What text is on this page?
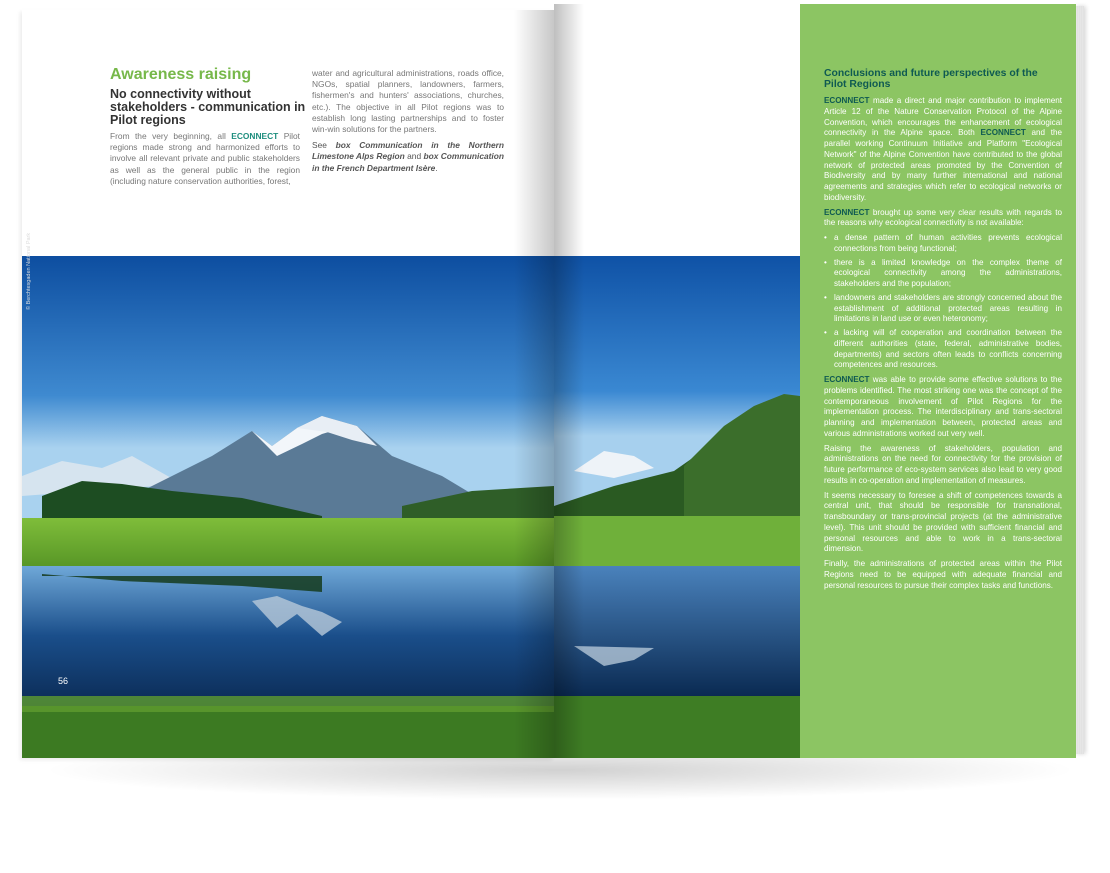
Awareness raising
No connectivity without stakeholders - communication in Pilot regions
From the very beginning, all ECONNECT Pilot regions made strong and harmonized efforts to involve all relevant private and public stakeholders as well as the general public in the region (including nature conservation authorities, forest,

water and agricultural administrations, roads office, NGOs, spatial planners, landowners, farmers, fishermen's and hunters' associations, churches, etc.). The objective in all Pilot regions was to establish long lasting partnerships and to foster win-win solutions for the partners.

See box Communication in the Northern Limestone Alps Region and box Communication in the French Department Isère.

56
© Berchtesgaden National Park
Conclusions and future perspectives of the Pilot Regions

ECONNECT made a direct and major contribution to implement Article 12 of the Nature Conservation Protocol of the Alpine Convention, which encourages the enhancement of ecological connectivity in the Alpine space. Both ECONNECT and the parallel working Continuum Initiative and Platform "Ecological Network" of the Alpine Convention have contributed to the global network of protected areas promoted by the Convention of Biodiversity and by many further international and national agreements and strategies which refer to ecological networks or biodiversity.

ECONNECT brought up some very clear results with regards to the reasons why ecological connectivity is not available:

• a dense pattern of human activities prevents ecological connections from being functional;
• there is a limited knowledge on the complex theme of ecological connectivity among the administrations, stakeholders and the population;
• landowners and stakeholders are strongly concerned about the establishment of additional protected areas resulting in limitations in land use or even heteronomy;
• a lacking will of cooperation and coordination between the different authorities (state, federal, administrative bodies, departments) and sectors often leads to conflicts concerning competences and resources.

ECONNECT was able to provide some effective solutions to the problems identified. The most striking one was the concept of the contemporaneous involvement of Pilot Regions for the implementation process. The interdisciplinary and trans-sectoral planning and implementation between, protected areas and various administrations worked out very well.

Raising the awareness of stakeholders, population and administrations on the need for connectivity for the provision of future performance of eco-system services also lead to very good results in co-operation and implementation of measures.

It seems necessary to foresee a shift of competences towards a central unit, that should be responsible for transnational, transboundary or trans-provincial projects (at the administrative level). This unit should be provided with sufficient financial and personal resources and able to work in a trans-sectoral dimension.

Finally, the administrations of protected areas within the Pilot Regions need to be equipped with adequate financial and personal resources to pursue their complex tasks and functions.
